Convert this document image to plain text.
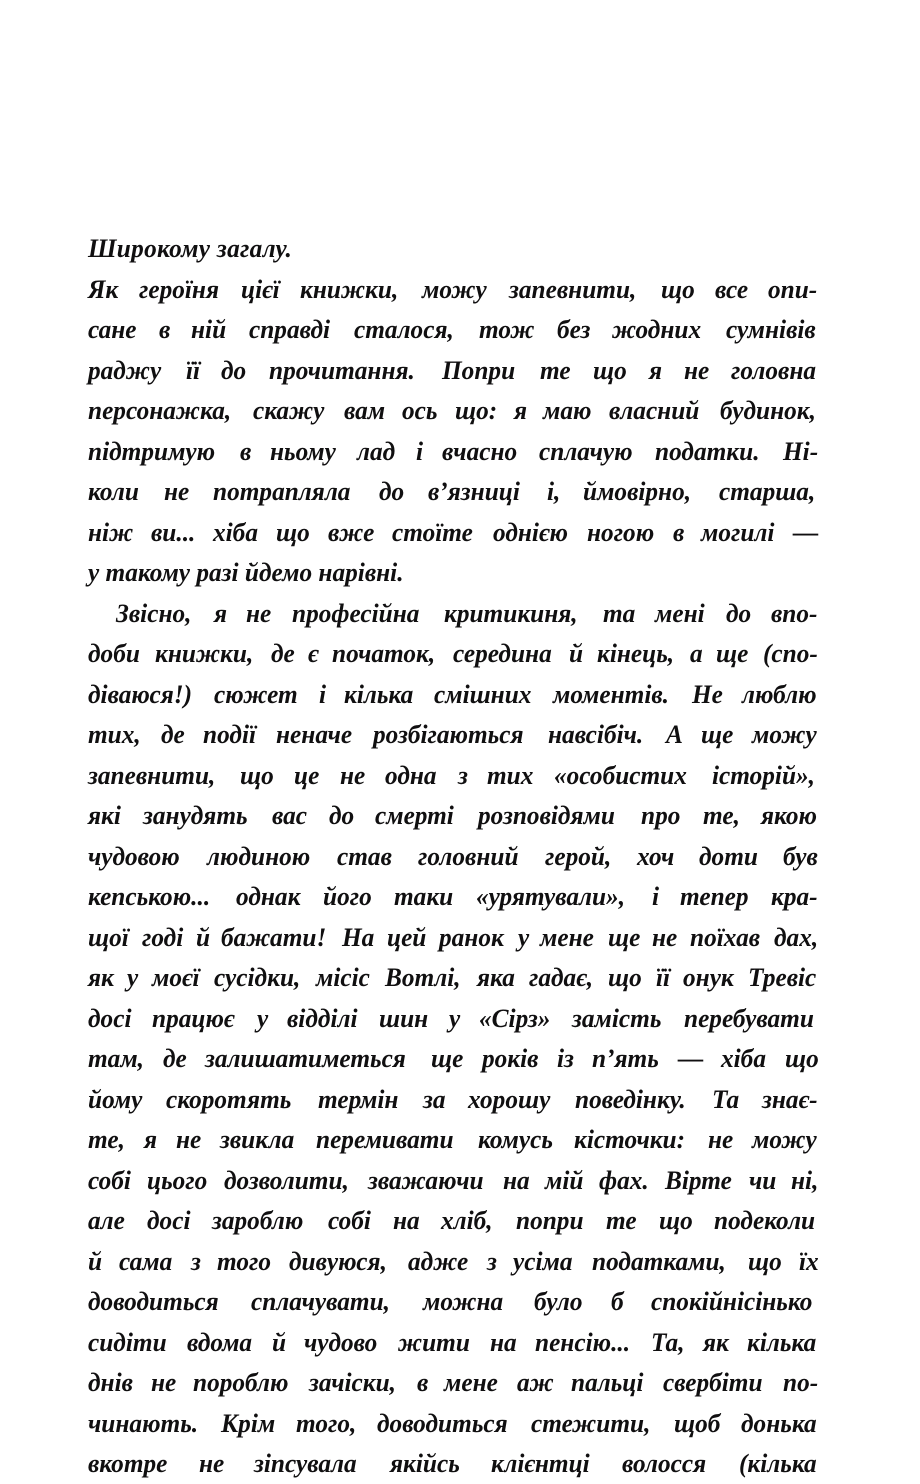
Широкому загалу.
Як героїня цієї книжки, можу запевнити, що все опи-
сане в ній справді сталося, тож без жодних сумнівів
раджу її до прочитання. Попри те що я не головна
персонажка, скажу вам ось що: я маю власний будинок,
підтримую в ньому лад і вчасно сплачую податки. Ні-
коли не потрапляла до в’язниці і, ймовірно, старша,
ніж ви... хіба що вже стоїте однією ногою в могилі —
у такому разі йдемо нарівні.
Звісно, я не професійна критикиня, та мені до впо-
доби книжки, де є початок, середина й кінець, а ще (спо-
діваюся!) сюжет і кілька смішних моментів. Не люблю
тих, де події неначе розбігаються навсібіч. А ще можу
запевнити, що це не одна з тих «особистих історій»,
які занудять вас до смерті розповідями про те, якою
чудовою людиною став головний герой, хоч доти був
кепською... однак його таки «урятували», і тепер кра-
щої годі й бажати! На цей ранок у мене ще не поїхав дах,
як у моєї сусідки, місіс Вотлі, яка гадає, що її онук Тревіс
досі працює у відділі шин у «Сірз» замість перебувати
там, де залишатиметься ще років із п’ять — хіба що
йому скоротять термін за хорошу поведінку. Та знає-
те, я не звикла перемивати комусь кісточки: не можу
собі цього дозволити, зважаючи на мій фах. Вірте чи ні,
але досі зароблю собі на хліб, попри те що подеколи
й сама з того дивуюся, адже з усіма податками, що їх
доводиться сплачувати, можна було б спокійнісінько
сидіти вдома й чудово жити на пенсію... Та, як кілька
днів не пороблю зачіски, в мене аж пальці свербіти по-
чинають. Крім того, доводиться стежити, щоб донька
вкотре не зіпсувала якійсь клієнтці волосся (кілька
